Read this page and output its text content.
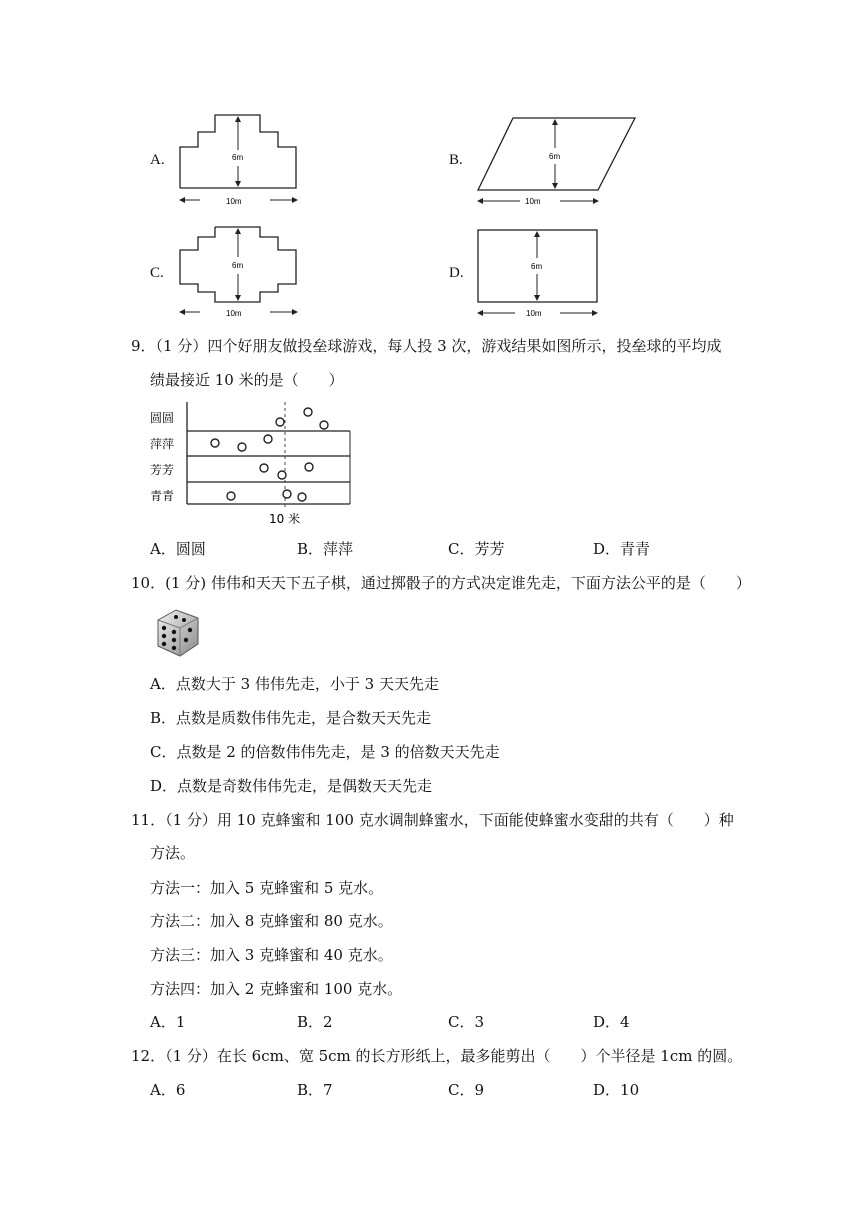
A.	6m
10m
B.	6m
10m
C.	6m
10m
D.	6m
10m
9．（1 分）四个好朋友做投垒球游戏，每人投 3 次，游戏结果如图所示，投垒球的平均成
绩最接近 10 米的是（　　）
圆圆
萍萍
芳芳
青青
10 米
A．圆圆	B．萍萍	C．芳芳	D．青青
10．(1 分) 伟伟和天天下五子棋，通过掷骰子的方式决定谁先走，下面方法公平的是（　　）
A．点数大于 3 伟伟先走，小于 3 天天先走
B．点数是质数伟伟先走，是合数天天先走
C．点数是 2 的倍数伟伟先走，是 3 的倍数天天先走
D．点数是奇数伟伟先走，是偶数天天先走
11．（1 分）用 10 克蜂蜜和 100 克水调制蜂蜜水，下面能使蜂蜜水变甜的共有（　　）种
方法。
方法一：加入 5 克蜂蜜和 5 克水。
方法二：加入 8 克蜂蜜和 80 克水。
方法三：加入 3 克蜂蜜和 40 克水。
方法四：加入 2 克蜂蜜和 100 克水。
A．1	B．2	C．3	D．4
12．（1 分）在长 6cm、宽 5cm 的长方形纸上，最多能剪出（　　）个半径是 1cm 的圆。
A．6	B．7	C．9	D．10
